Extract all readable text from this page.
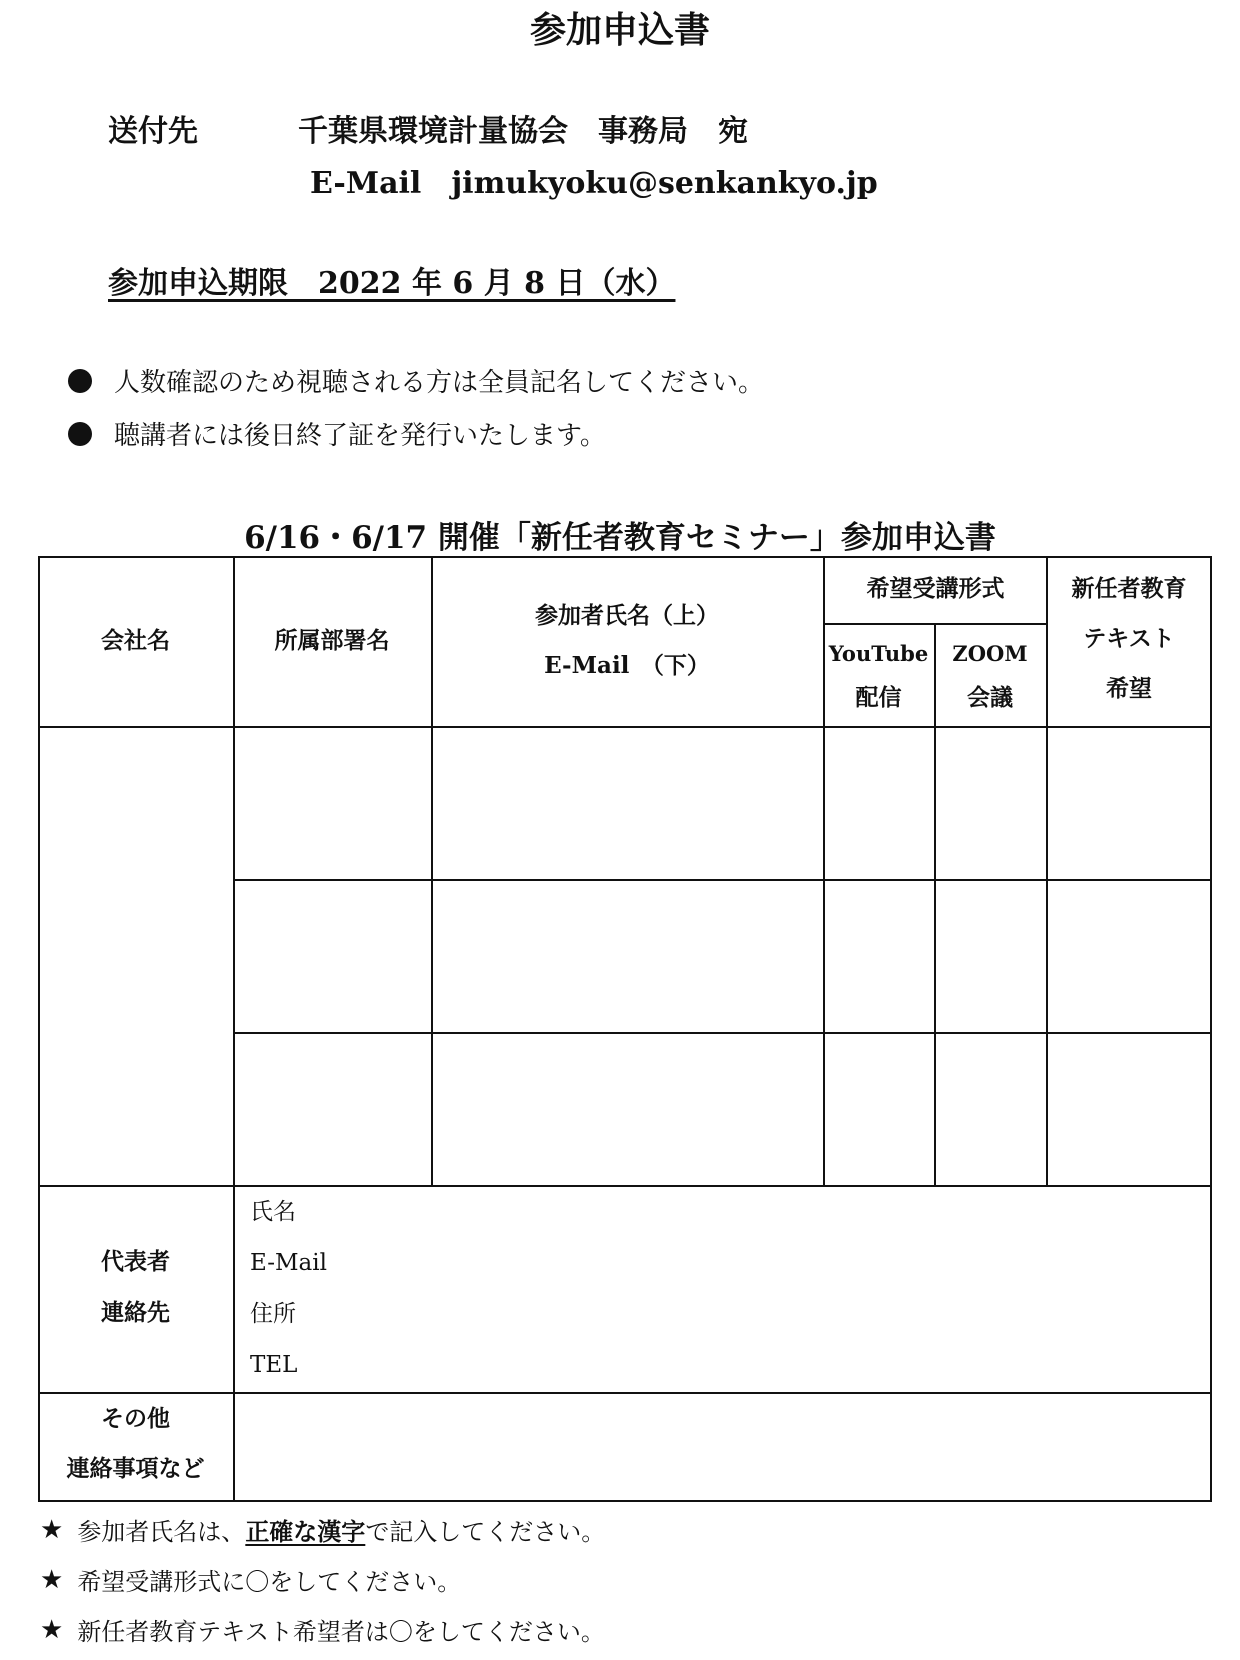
参加申込書
送付先	千葉県環境計量協会　事務局　宛
E-Mail　jimukyoku@senkankyo.jp
参加申込期限　2022 年 6 月 8 日（水）
人数確認のため視聴される方は全員記名してください。
聴講者には後日終了証を発行いたします。
6/16・6/17 開催「新任者教育セミナー」参加申込書
会社名	所属部署名
参加者氏名（上）
E-Mail　（下）
希望受講形式
YouTube
配信
ZOOM
会議
新任者教育
テキスト
希望
代表者
連絡先
氏名
E-Mail
住所
TEL
その他
連絡事項など
★ 参加者氏名は、 正確な漢字 で記入してください。
★ 希望受講形式に〇をしてください。
★ 新任者教育テキスト希望者は〇をしてください。
